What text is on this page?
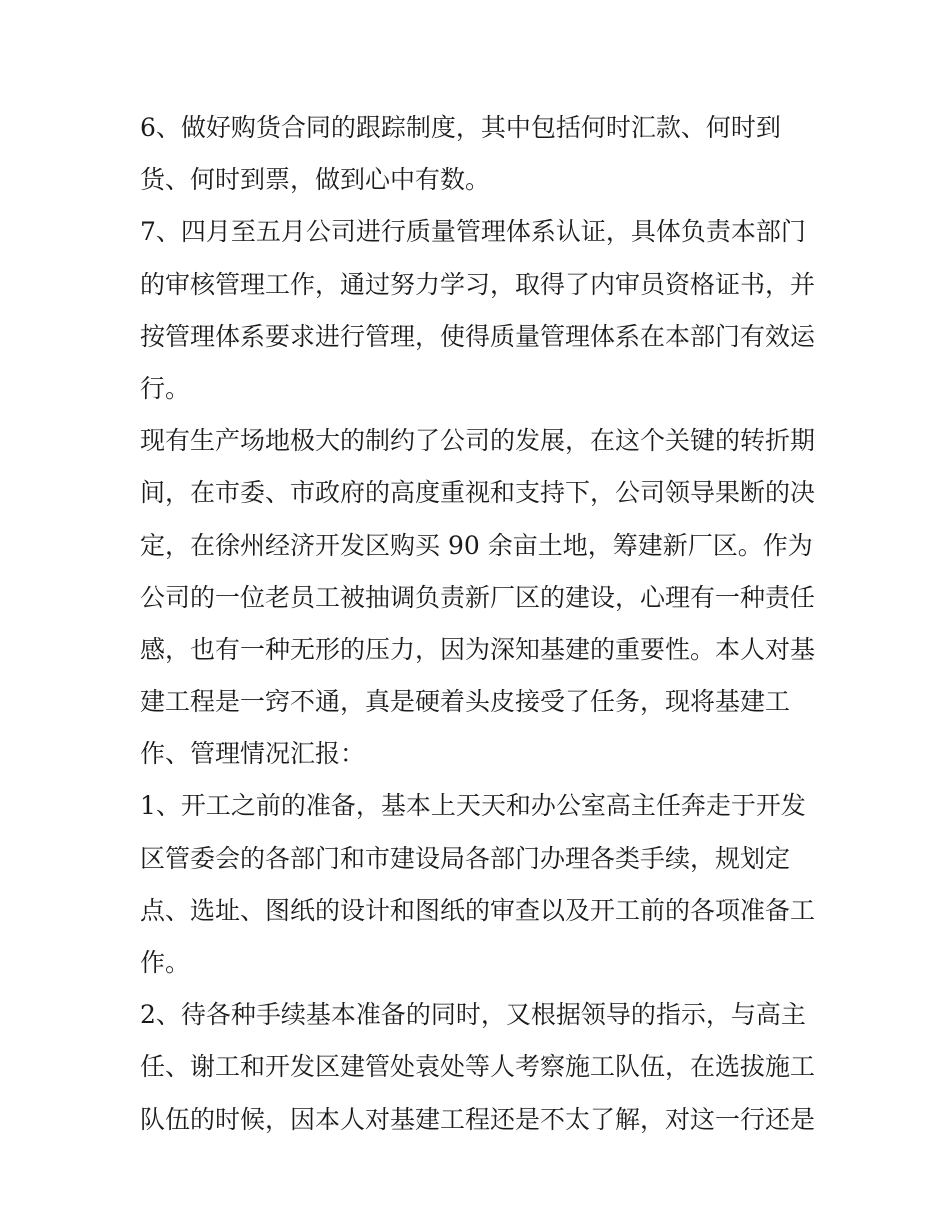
6、做好购货合同的跟踪制度，其中包括何时汇款、何时到
货、何时到票，做到心中有数。
7、四月至五月公司进行质量管理体系认证，具体负责本部门
的审核管理工作，通过努力学习，取得了内审员资格证书，并
按管理体系要求进行管理，使得质量管理体系在本部门有效运
行。
现有生产场地极大的制约了公司的发展，在这个关键的转折期
间，在市委、市政府的高度重视和支持下，公司领导果断的决
定，在徐州经济开发区购买 90 余亩土地，筹建新厂区。作为
公司的一位老员工被抽调负责新厂区的建设，心理有一种责任
感，也有一种无形的压力，因为深知基建的重要性。本人对基
建工程是一窍不通，真是硬着头皮接受了任务，现将基建工
作、管理情况汇报：
1、开工之前的准备，基本上天天和办公室高主任奔走于开发
区管委会的各部门和市建设局各部门办理各类手续，规划定
点、选址、图纸的设计和图纸的审查以及开工前的各项准备工
作。
2、待各种手续基本准备的同时，又根据领导的指示，与高主
任、谢工和开发区建管处袁处等人考察施工队伍，在选拔施工
队伍的时候，因本人对基建工程还是不太了解，对这一行还是
